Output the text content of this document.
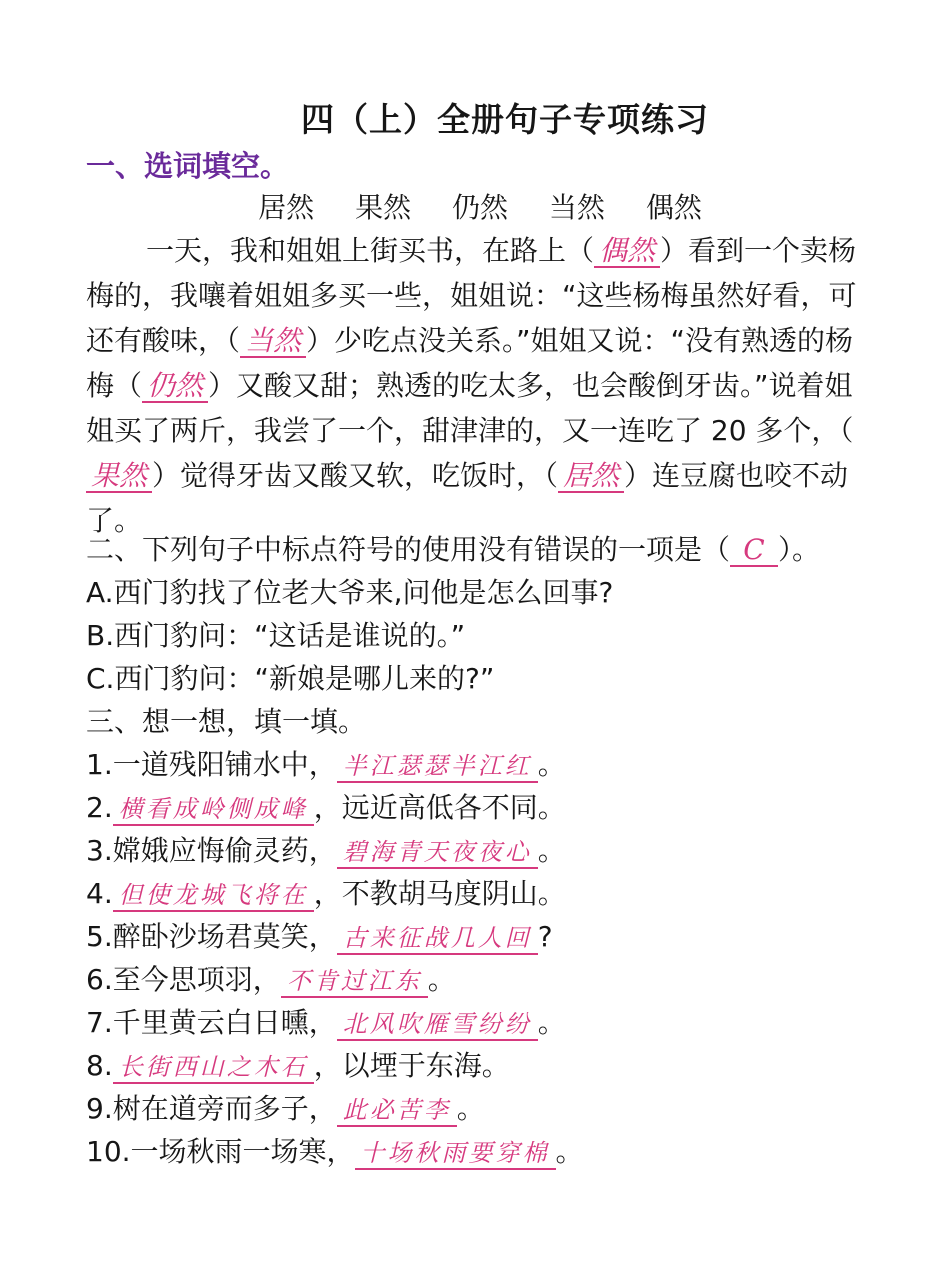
四（上）全册句子专项练习
一、选词填空。
居然 果然 仍然 当然 偶然
一天，我和姐姐上街买书，在路上（ 偶然 ）看到一个卖杨梅的，我嚷着姐姐多买一些，姐姐说：“这些杨梅虽然好看，可还有酸味，（ 当然 ）少吃点没关系。”姐姐又说：“没有熟透的杨梅（ 仍然 ）又酸又甜；熟透的吃太多，也会酸倒牙齿。”说着姐姐买了两斤，我尝了一个，甜津津的，又一连吃了 20 多个，（果然 ）觉得牙齿又酸又软，吃饭时，（ 居然 ）连豆腐也咬不动了。
二、下列句子中标点符号的使用没有错误的一项是（ C ）。
A.西门豹找了位老大爷来,问他是怎么回事?
B.西门豹问：“这话是谁说的。”
C.西门豹问：“新娘是哪儿来的?”
三、想一想，填一填。
1.一道残阳铺水中， 半江瑟瑟半江红 。
2. 横看成岭侧成峰 ，远近高低各不同。
3.嫦娥应悔偷灵药， 碧海青天夜夜心 。
4. 但使龙城飞将在 ，不教胡马度阴山。
5.醉卧沙场君莫笑， 古来征战几人回 ?
6.至今思项羽， 不肯过江东 。
7.千里黄云白日曛， 北风吹雁雪纷纷 。
8. 长街西山之木石 ，以堙于东海。
9.树在道旁而多子， 此必苦李 。
10.一场秋雨一场寒， 十场秋雨要穿棉 。
